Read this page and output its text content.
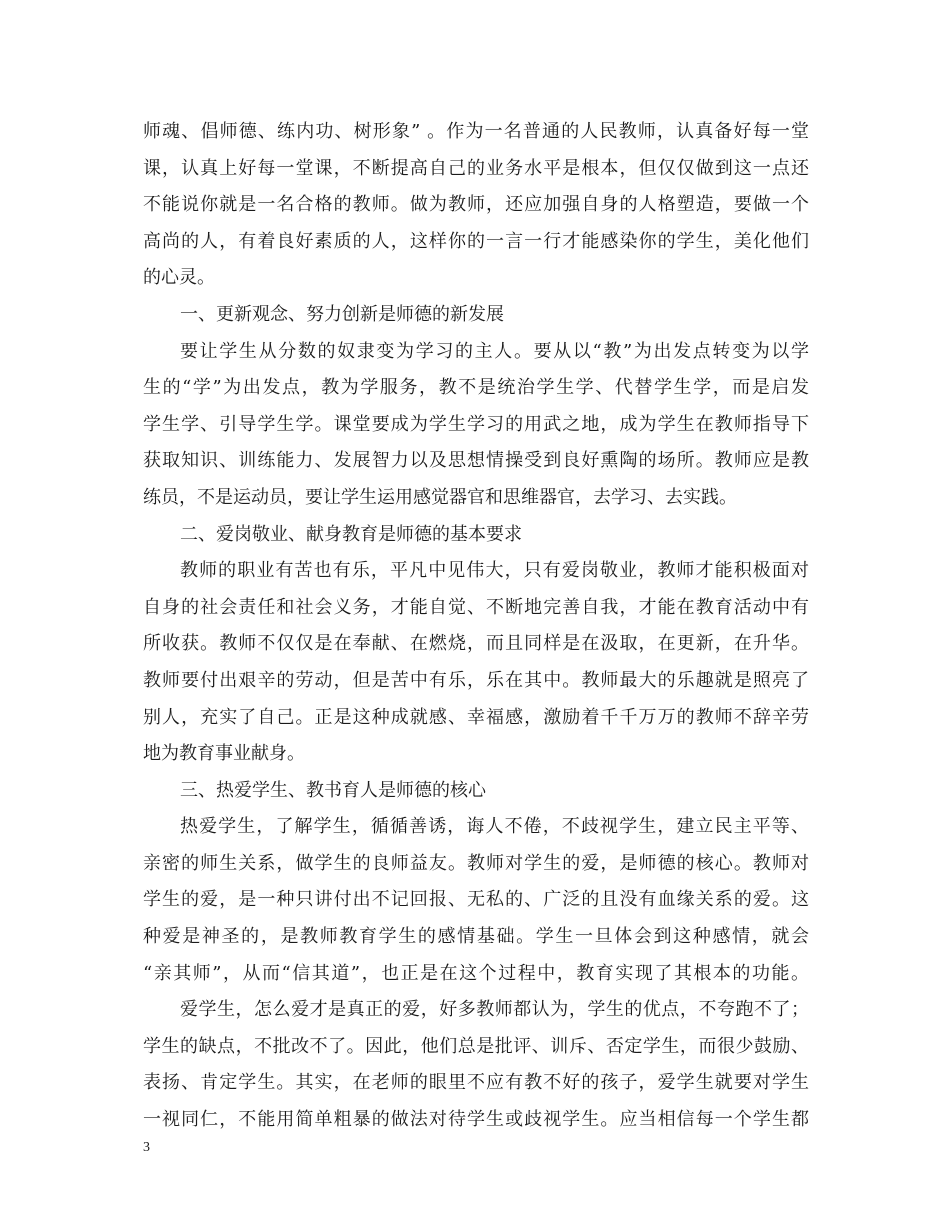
师魂、倡师德、练内功、树形象” 。作为一名普通的人民教师，认真备好每一堂
课，认真上好每一堂课，不断提高自己的业务水平是根本，但仅仅做到这一点还
不能说你就是一名合格的教师。做为教师，还应加强自身的人格塑造，要做一个
高尚的人，有着良好素质的人，这样你的一言一行才能感染你的学生，美化他们
的心灵。
一、更新观念、努力创新是师德的新发展
要让学生从分数的奴隶变为学习的主人。要从以“教”为出发点转变为以学
生的“学”为出发点，教为学服务，教不是统治学生学、代替学生学，而是启发
学生学、引导学生学。课堂要成为学生学习的用武之地，成为学生在教师指导下
获取知识、训练能力、发展智力以及思想情操受到良好熏陶的场所。教师应是教
练员，不是运动员，要让学生运用感觉器官和思维器官，去学习、去实践。
二、爱岗敬业、献身教育是师德的基本要求
教师的职业有苦也有乐，平凡中见伟大，只有爱岗敬业，教师才能积极面对
自身的社会责任和社会义务，才能自觉、不断地完善自我，才能在教育活动中有
所收获。教师不仅仅是在奉献、在燃烧，而且同样是在汲取，在更新，在升华。
教师要付出艰辛的劳动，但是苦中有乐，乐在其中。教师最大的乐趣就是照亮了
别人，充实了自己。正是这种成就感、幸福感，激励着千千万万的教师不辞辛劳
地为教育事业献身。
三、热爱学生、教书育人是师德的核心
热爱学生，了解学生，循循善诱，诲人不倦，不歧视学生，建立民主平等、
亲密的师生关系，做学生的良师益友。教师对学生的爱，是师德的核心。教师对
学生的爱，是一种只讲付出不记回报、无私的、广泛的且没有血缘关系的爱。这
种爱是神圣的，是教师教育学生的感情基础。学生一旦体会到这种感情，就会
“亲其师”，从而“信其道”，也正是在这个过程中，教育实现了其根本的功能。
爱学生，怎么爱才是真正的爱，好多教师都认为，学生的优点，不夸跑不了；
学生的缺点，不批改不了。因此，他们总是批评、训斥、否定学生，而很少鼓励、
表扬、肯定学生。其实，在老师的眼里不应有教不好的孩子，爱学生就要对学生
一视同仁，不能用简单粗暴的做法对待学生或歧视学生。应当相信每一个学生都
3
